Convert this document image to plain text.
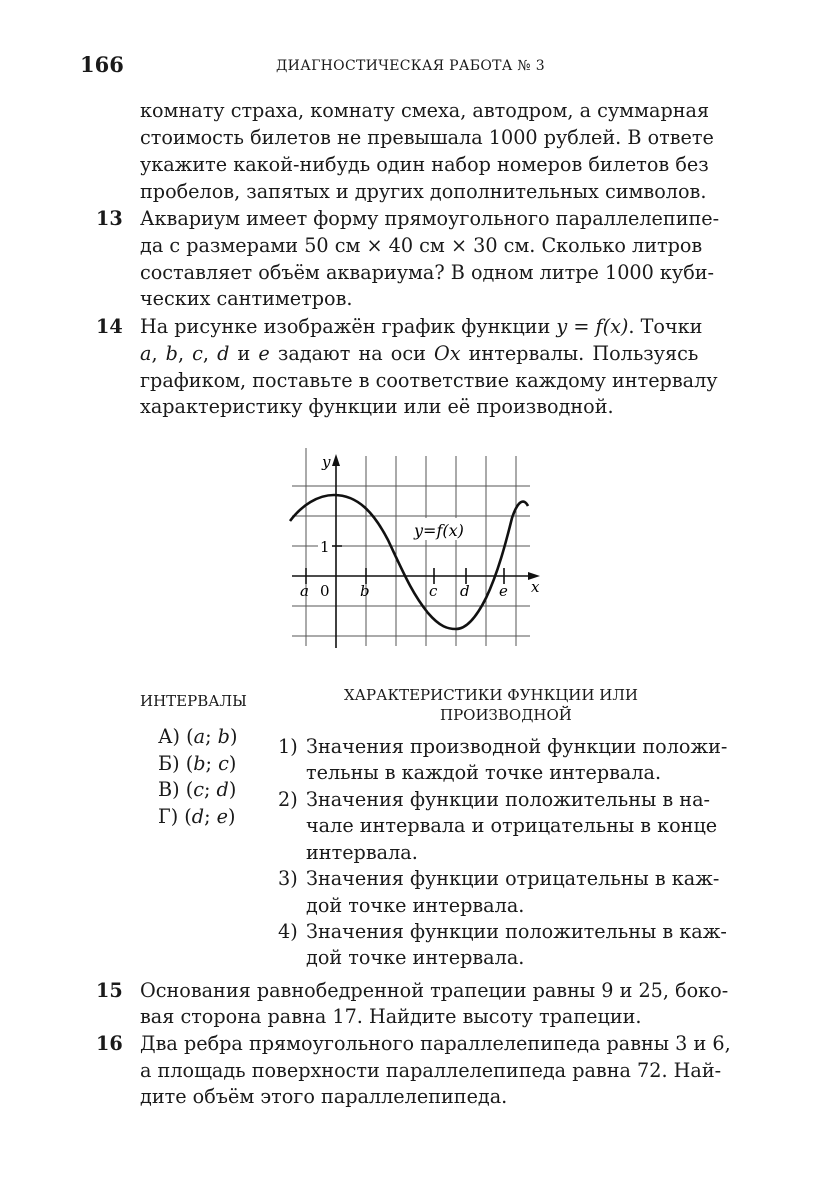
166	ДИАГНОСТИЧЕСКАЯ РАБОТА № 3
комнату страха, комнату смеха, автодром, а суммарная
стоимость билетов не превышала 1000 рублей. В ответе
укажите какой-нибудь один набор номеров билетов без
пробелов, запятых и других дополнительных символов.
13 Аквариум имеет форму прямоугольного параллелепипе-
да с размерами 50 см × 40 см × 30 см. Сколько литров
составляет объём аквариума? В одном литре 1000 куби-
ческих сантиметров.
14 На рисунке изображён график функции y = f(x). Точки
a, b, c, d и e задают на оси Ox интервалы. Пользуясь
графиком, поставьте в соответствие каждому интервалу
характеристику функции или её производной.
y
x
y=f(x)
1
a 0 b	c d e
ИНТЕРВАЛЫ	ХАРАКТЕРИСТИКИ ФУНКЦИИ ИЛИ
ПРОИЗВОДНОЙ
А) (a; b)
Б) (b; c)
В) (c; d)
Г) (d; e)
1) Значения производной функции положи-
тельны в каждой точке интервала.
2) Значения функции положительны в на-
чале интервала и отрицательны в конце
интервала.
3) Значения функции отрицательны в каж-
дой точке интервала.
4) Значения функции положительны в каж-
дой точке интервала.
15 Основания равнобедренной трапеции равны 9 и 25, боко-
вая сторона равна 17. Найдите высоту трапеции.
16 Два ребра прямоугольного параллелепипеда равны 3 и 6,
а площадь поверхности параллелепипеда равна 72. Най-
дите объём этого параллелепипеда.
